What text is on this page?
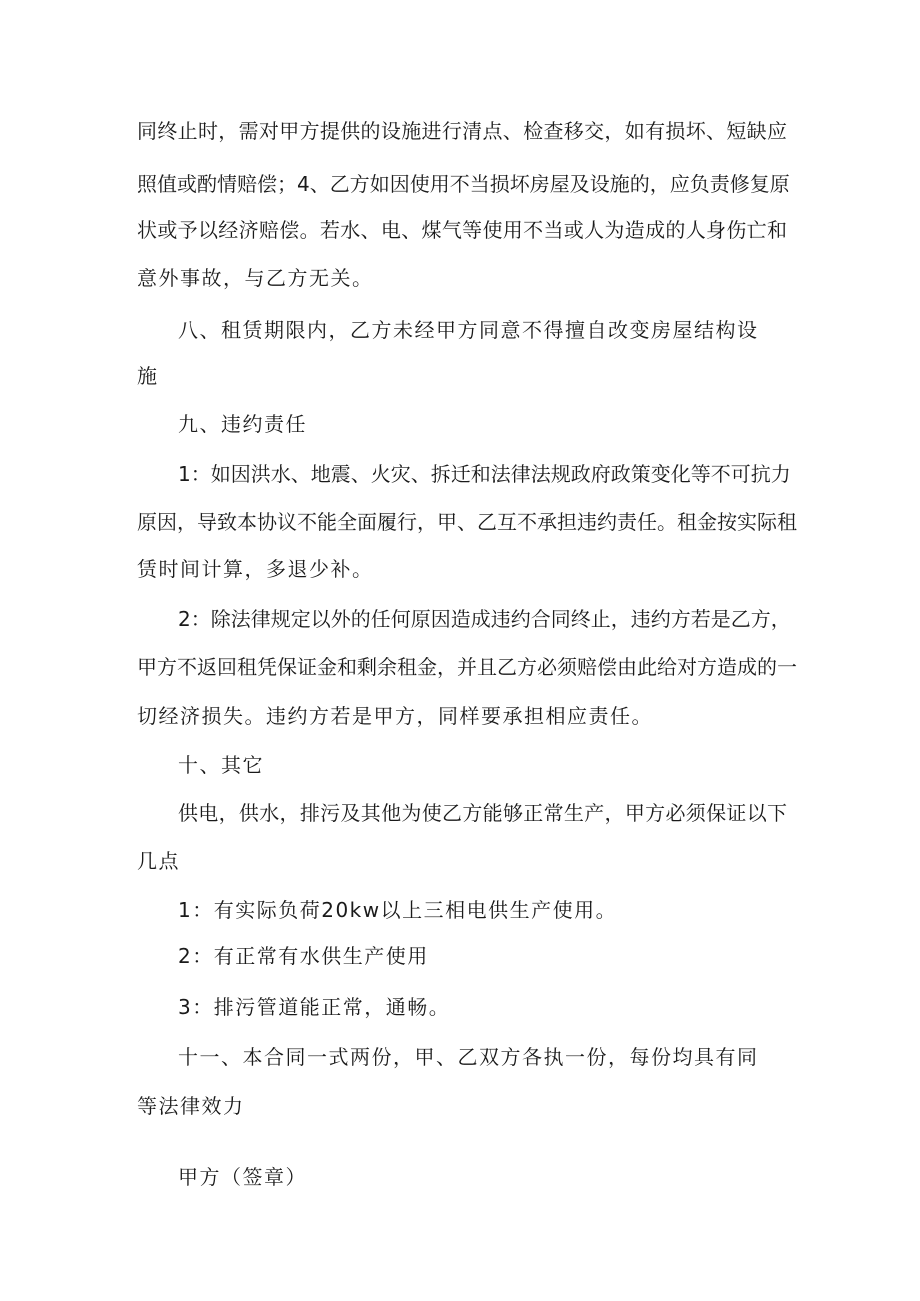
同终止时，需对甲方提供的设施进行清点、检查移交，如有损坏、短缺应
照值或酌情赔偿；4、乙方如因使用不当损坏房屋及设施的，应负责修复原
状或予以经济赔偿。若水、电、煤气等使用不当或人为造成的人身伤亡和
意外事故，与乙方无关。
八、租赁期限内，乙方未经甲方同意不得擅自改变房屋结构设
施
九、违约责任
1：如因洪水、地震、火灾、拆迁和法律法规政府政策变化等不可抗力
原因，导致本协议不能全面履行，甲、乙互不承担违约责任。租金按实际租
赁时间计算，多退少补。
2：除法律规定以外的任何原因造成违约合同终止，违约方若是乙方，
甲方不返回租凭保证金和剩余租金，并且乙方必须赔偿由此给对方造成的一
切经济损失。违约方若是甲方，同样要承担相应责任。
十、其它
供电，供水，排污及其他为使乙方能够正常生产，甲方必须保证以下
几点
1：有实际负荷20kw以上三相电供生产使用。
2：有正常有水供生产使用
3：排污管道能正常，通畅。
十一、本合同一式两份，甲、乙双方各执一份，每份均具有同
等法律效力
甲方（签章）
